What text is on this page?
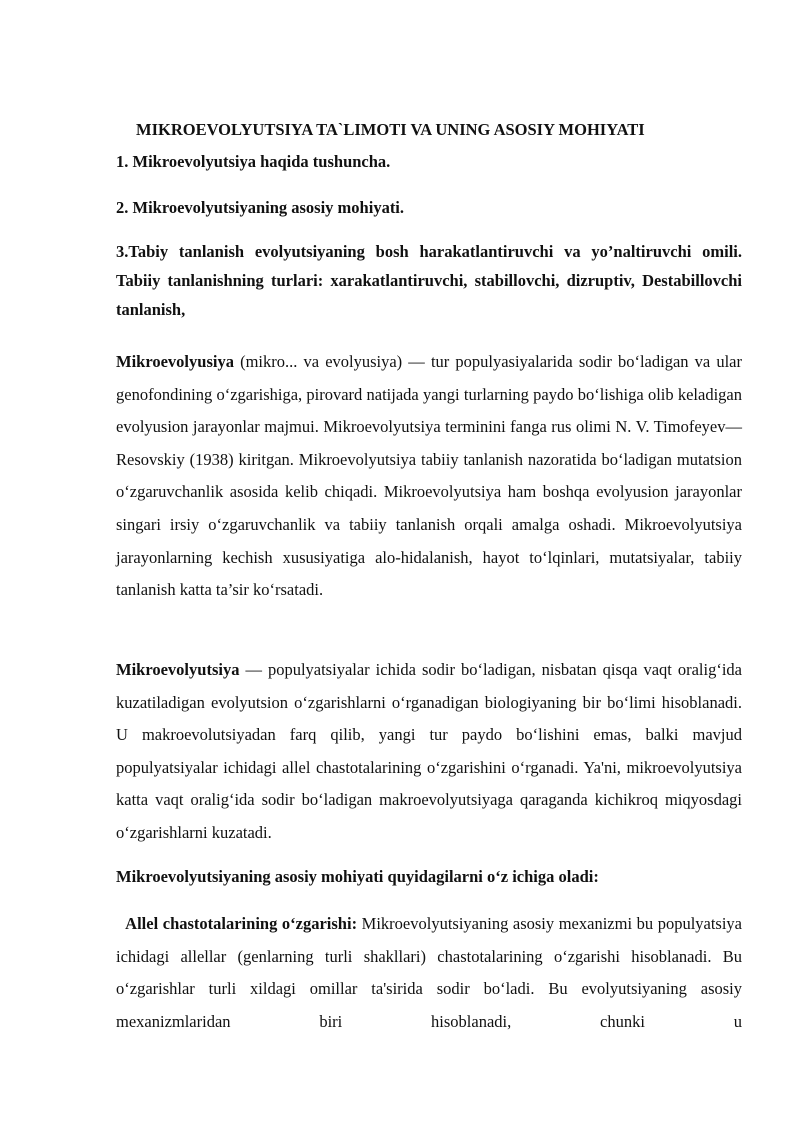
MIKROEVOLYUTSIYA TA`LIMOTI VA UNING ASOSIY MOHIYATI

1. Mikroevolyutsiya haqida tushuncha.

2. Mikroevolyutsiyaning asosiy mohiyati.

3.Tabiy tanlanish evolyutsiyaning bosh harakatlantiruvchi va yo’naltiruvchi omili. Tabiiy tanlanishning turlari: xarakatlantiruvchi, stabillovchi, dizruptiv, Destabillovchi tanlanish,

Mikroevolyusiya (mikro... va evolyusiya) — tur populyasiyalarida sodir bo‘ladigan va ular genofondining o‘zgarishiga, pirovard natijada yangi turlarning paydo bo‘lishiga olib keladigan evolyusion jarayonlar majmui. Mikroevolyutsiya terminini fanga rus olimi N. V. Timofeyev—Resovskiy (1938) kiritgan. Mikroevolyutsiya tabiiy tanlanish nazoratida bo‘ladigan mutatsion o‘zgaruvchanlik asosida kelib chiqadi. Mikroevolyutsiya ham boshqa evolyusion jarayonlar singari irsiy o‘zgaruvchanlik va tabiiy tanlanish orqali amalga oshadi. Mikroevolyutsiya jarayonlarning kechish xususiyatiga alo-hidalanish, hayot to‘lqinlari, mutatsiyalar, tabiiy tanlanish katta ta’sir ko‘rsatadi.

Mikroevolyutsiya — populyatsiyalar ichida sodir bo‘ladigan, nisbatan qisqa vaqt oralig‘ida kuzatiladigan evolyutsion o‘zgarishlarni o‘rganadigan biologiyaning bir bo‘limi hisoblanadi. U makroevolutsiyadan farq qilib, yangi tur paydo bo‘lishini emas, balki mavjud populyatsiyalar ichidagi allel chastotalarining o‘zgarishini o‘rganadi. Ya'ni, mikroevolyutsiya katta vaqt oralig‘ida sodir bo‘ladigan makroevolyutsiyaga qaraganda kichikroq miqyosdagi o‘zgarishlarni kuzatadi.

Mikroevolyutsiyaning asosiy mohiyati quyidagilarni o‘z ichiga oladi:

Allel chastotalarining o‘zgarishi: Mikroevolyutsiyaning asosiy mexanizmi bu populyatsiya ichidagi allellar (genlarning turli shakllari) chastotalarining o‘zgarishi hisoblanadi. Bu o‘zgarishlar turli xildagi omillar ta'sirida sodir bo‘ladi. Bu evolyutsiyaning asosiy mexanizmlaridan biri hisoblanadi, chunki u
